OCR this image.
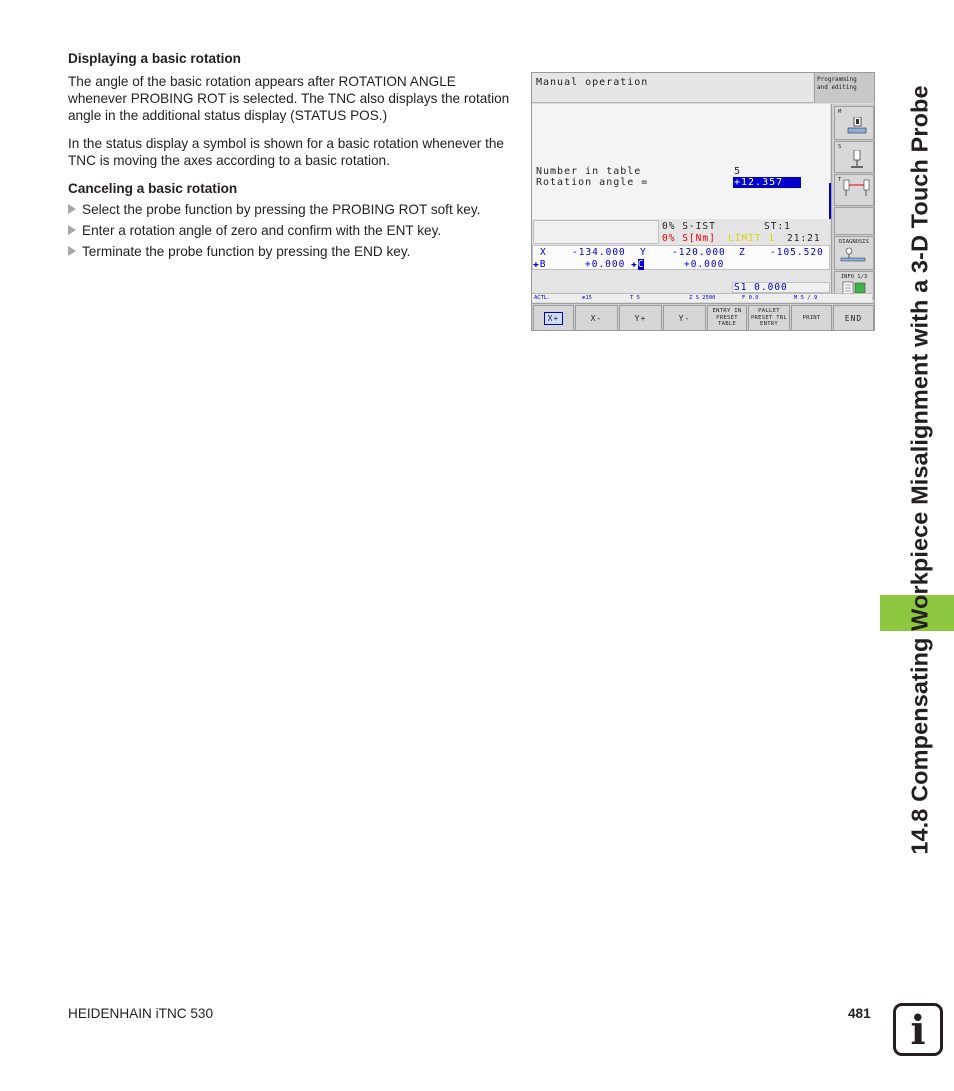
Displaying a basic rotation
The angle of the basic rotation appears after ROTATION ANGLE whenever PROBING ROT is selected. The TNC also displays the rotation angle in the additional status display (STATUS POS.)
In the status display a symbol is shown for a basic rotation whenever the TNC is moving the axes according to a basic rotation.
Canceling a basic rotation
Select the probe function by pressing the PROBING ROT soft key.
Enter a rotation angle of zero and confirm with the ENT key.
Terminate the probe function by pressing the END key.
Manual operation	Programming
and editing
Number in table	5
Rotation angle =	+12.357
M
S
T
DIAGNOSIS
INFO 1/3
0% S-IST	ST:1
0% S[Nm] LIMIT 1 21:21
X	-134.000 Y	-120.000 Z	-105.520
✚B	+0.000 ✚C	+0.000
S1 0.000
ACTL.	⊕15	T 5	Z S 2500	F 0.0	M 5 / 9
X+	X-	Y+	Y-
ENTRY IN
PRESET
TABLE
PALLET
PRESET TBL
ENTRY
PRINT	END	14.8 Compensating Workpiece Misalignment with a 3-D Touch Probe
HEIDENHAIN iTNC 530	481 i
